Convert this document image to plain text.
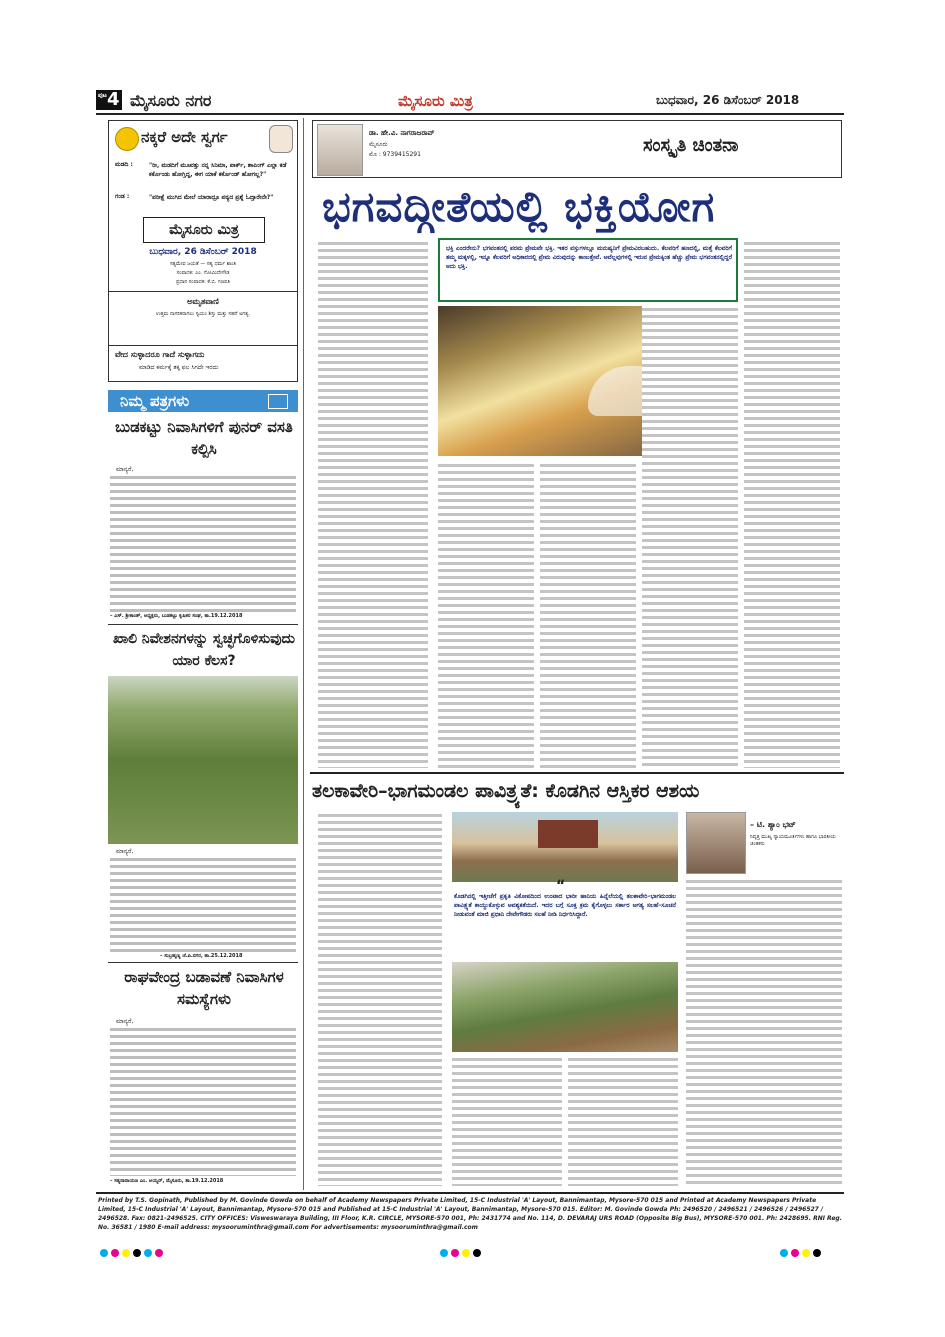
ಪುಟ 4 ಮೈಸೂರು ನಗರ	ಮೈಸೂರು ಮಿತ್ರ	ಬುಧವಾರ, 26 ಡಿಸೆಂಬರ್ 2018
ನಕ್ಕರೆ ಅದೇ ಸ್ವರ್ಗ
ಮಡದಿ :	"ರೀ, ಮಡದಿಗೆ ಮೂವತ್ತು ನನ್ನ ಸಿನಿಮಾ, ಪಾರ್ಕ್, ಶಾಪಿಂಗ್ ಎಲ್ಲಾ ಕಡೆ ಕರ್ಕೊಂಡು ಹೋಗ್ತಿದ್ದ, ಈಗ ಯಾಕೆ ಕರ್ಕೊಂಡ್ ಹೋಗಲ್ಲ?"
ಗಂಡ :	"ಪರೀಕ್ಷೆ ಮುಗಿದ ಮೇಲೆ ಯಾರಾದ್ರೂ ಪಠ್ಯದ ಪ್ರಶ್ನೆ ಓದ್ತಾರೇನೇ?"
ಮೈಸೂರು ಮಿತ್ರ
ಬುಧವಾರ, 26 ಡಿಸೆಂಬರ್ 2018
ಸತ್ಯಮೇವ ಜಯತೆ — ಸತ್ಯ ಧರ್ಮ ಶಾಂತಿ
ಸಂಪಾದಕ: ಎಂ. ಗೋವಿಂದೇಗೌಡ
ಪ್ರಧಾನ ಸಂಪಾದಕ: ಕೆ.ಬಿ. ಗಣಪತಿ
ಅಮೃತವಾಣಿ
ಉತ್ತಮ ನಾಗರಿಕರಾಗಲು ಸ್ವಯಂ ಶಿಸ್ತು ಮತ್ತು ಸಹನೆ ಅಗತ್ಯ.
ವೇದ ಸುಳ್ಳಾದರೂ ಗಾದೆ ಸುಳ್ಳಾಗದು
ಮಾಡಿದ ಕರ್ಮಕ್ಕೆ ತಕ್ಕ ಫಲ ಸಿಗದೇ ಇರದು
ನಿಮ್ಮ ಪತ್ರಗಳು
ಬುಡಕಟ್ಟು ನಿವಾಸಿಗಳಿಗೆ ಪುನರ್ ವಸತಿ ಕಲ್ಪಿಸಿ
ಮಾನ್ಯರೆ,
– ಎಸ್. ಶ್ರೀಕಾಂತ್, ಅಧ್ಯಕ್ಷರು, ಬುಡಕಟ್ಟು ಕೃಷಿಕರ ಸಂಘ, ತಾ.19.12.2018
ಖಾಲಿ ನಿವೇಶನಗಳನ್ನು ಸ್ವಚ್ಛಗೊಳಿಸುವುದು ಯಾರ ಕೆಲಸ?
ಮಾನ್ಯರೆ,
– ಸುಬ್ರಹ್ಮಣ್ಯ ಜೆ.ಪಿ.ನಗರ, ತಾ.25.12.2018
ರಾಘವೇಂದ್ರ ಬಡಾವಣೆ ನಿವಾಸಿಗಳ ಸಮಸ್ಯೆಗಳು
ಮಾನ್ಯರೆ,
– ಸತ್ಯನಾರಾಯಣ ಎಂ. ಅಯ್ಯರ್, ಮೈಸೂರು, ತಾ.19.12.2018
ಡಾ. ಹೇ.ವಿ. ನಾಗರಾಜರಾವ್
ಮೈಸೂರು
ಮೊ : 9739415291	ಸಂಸ್ಕೃತಿ ಚಿಂತನಾ
ಭಗವದ್ಗೀತೆಯಲ್ಲಿ ಭಕ್ತಿಯೋಗ
ಭಕ್ತಿ ಎಂದರೇನು? ಭಗವಂತನಲ್ಲಿ ಪರಮ ಪ್ರೇಮವೇ ಭಕ್ತಿ. ಇತರ ವಸ್ತುಗಳಲ್ಲೂ ಮನುಷ್ಯನಿಗೆ ಪ್ರೇಮವಿರಬಹುದು. ಕೆಲವರಿಗೆ ಹಣದಲ್ಲಿ, ಮತ್ತೆ ಕೆಲವರಿಗೆ ತಮ್ಮ ಮಕ್ಕಳಲ್ಲಿ, ಇನ್ನೂ ಕೆಲವರಿಗೆ ಅಧಿಕಾರದಲ್ಲಿ ಪ್ರೇಮ ವಿರುವುದನ್ನು ಕಾಣುತ್ತೇವೆ. ಅವೆಲ್ಲವುಗಳಲ್ಲಿ ಇರುವ ಪ್ರೇಮಕ್ಕಿಂತ ಹೆಚ್ಚು ಪ್ರೇಮ ಭಗವಂತನಲ್ಲಿದ್ದರೆ ಅದು ಭಕ್ತಿ.
ತಲಕಾವೇರಿ–ಭಾಗಮಂಡಲ ಪಾವಿತ್ರ್ಯತೆ: ಕೊಡಗಿನ ಆಸ್ತಿಕರ ಆಶಯ
“
ಕೊಡಗಿನಲ್ಲಿ ಇತ್ತೀಚೆಗೆ ಪ್ರಕೃತಿ ವಿಕೋಪದಿಂದ ಉಂಟಾದ ಭಾರೀ ಹಾನಿಯ ಹಿನ್ನೆಲೆಯಲ್ಲಿ ತಲಕಾವೇರಿ–ಭಾಗಮಂಡಲ ಪಾವಿತ್ರ್ಯತೆ ಕಾಯ್ದುಕೊಳ್ಳುವ ಅವಶ್ಯಕತೆಯಿದೆ. ಇದರ ಬಗ್ಗೆ ಸೂಕ್ತ ಕ್ರಮ ಕೈಗೊಳ್ಳಲು ಸರ್ಕಾರ ಅಗತ್ಯ ಸಲಹೆ–ಸೂಚನೆ ನೀಡುವಂತೆ ಮಾಜಿ ಪ್ರಧಾನಿ ದೇವೇಗೌಡರು ಸಲಹೆ ನೀಡಿ ನಿರ್ಧರಿಸಿದ್ದಾರೆ.
– ಟಿ. ಶ್ಯಾಂ ಭಟ್
ನಿವೃತ್ತ ಮುಖ್ಯ ನ್ಯಾಯಮೂರ್ತಿಗಳು ಹಾಗೂ ಭಾರತೀಯ ಚಿಂತಕರು
Printed by T.S. Gopinath, Published by M. Govinde Gowda on behalf of Academy Newspapers Private Limited, 15-C Industrial 'A' Layout, Bannimantap, Mysore-570 015 and Printed at Academy Newspapers Private Limited, 15-C Industrial 'A' Layout, Bannimantap, Mysore-570 015 and Published at 15-C Industrial 'A' Layout, Bannimantap, Mysore-570 015. Editor: M. Govinde Gowda Ph: 2496520 / 2496521 / 2496526 / 2496527 / 2496528. Fax: 0821-2496525. CITY OFFICES: Visweswaraya Building, III Floor, K.R. CIRCLE, MYSORE-570 001, Ph: 2431774 and No. 114, D. DEVARAJ URS ROAD (Opposite Big Bus), MYSORE-570 001. Ph: 2428695. RNI Reg. No. 36581 / 1980 E-mail address: mysooruminthra@gmail.com For advertisements: mysooruminthra@gmail.com
